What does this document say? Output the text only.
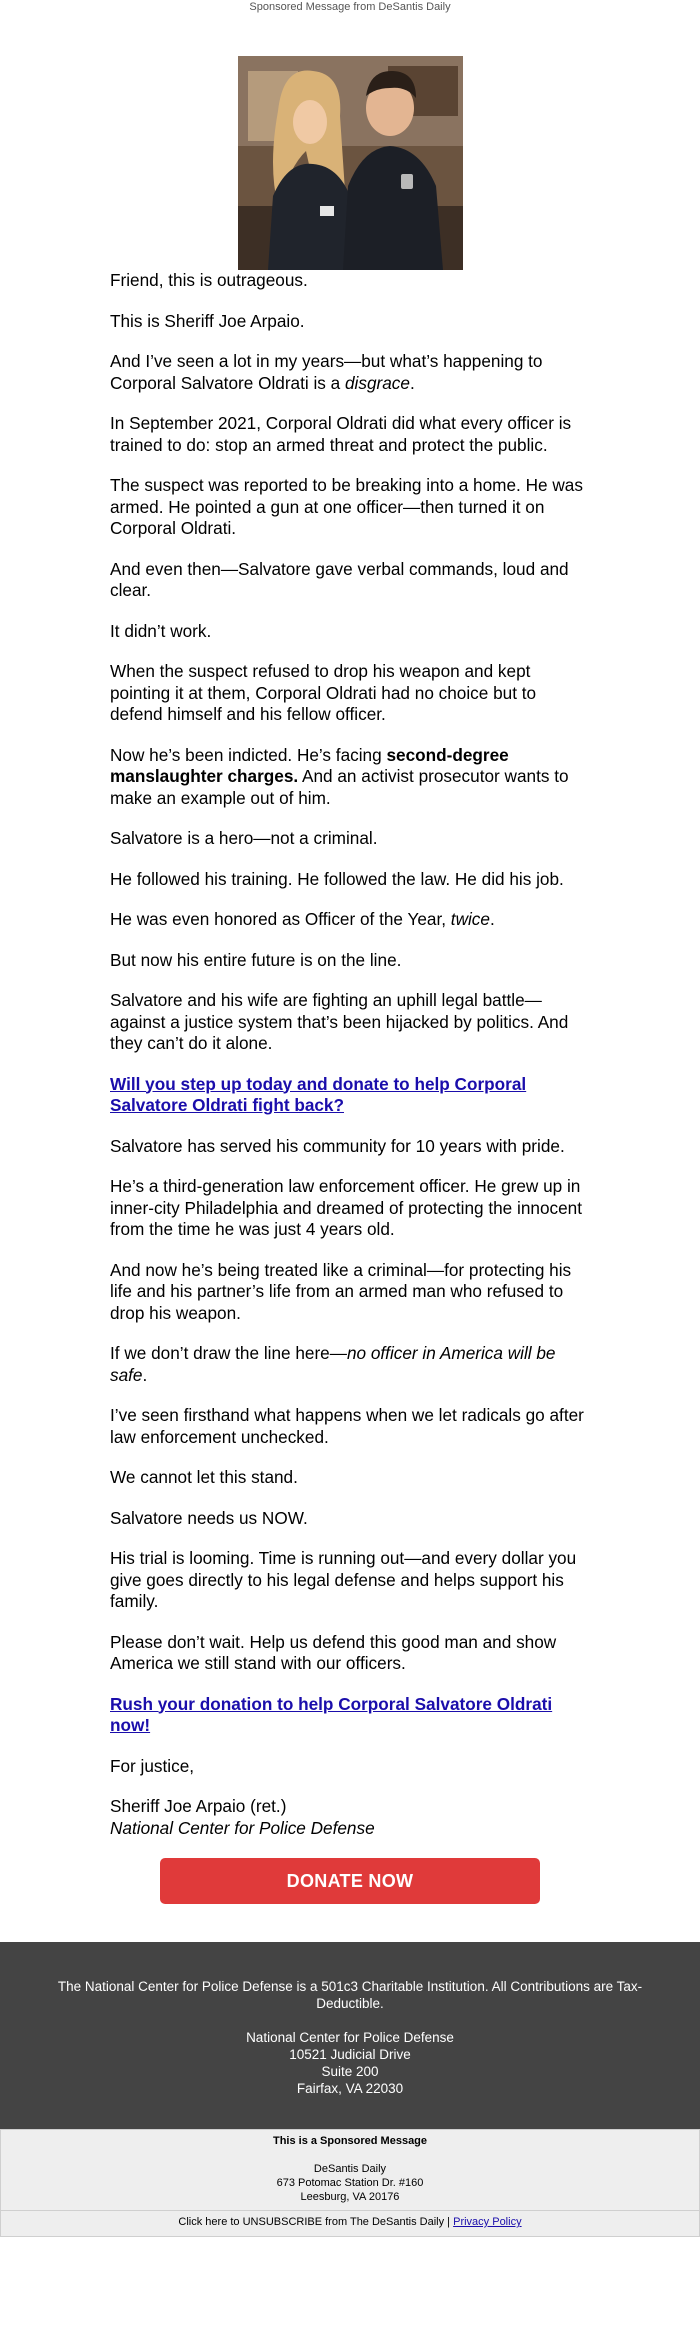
Sponsored Message from DeSantis Daily

Friend, this is outrageous.

This is Sheriff Joe Arpaio.

And I’ve seen a lot in my years—but what’s happening to Corporal Salvatore Oldrati is a disgrace.

In September 2021, Corporal Oldrati did what every officer is trained to do: stop an armed threat and protect the public.

The suspect was reported to be breaking into a home. He was armed. He pointed a gun at one officer—then turned it on Corporal Oldrati.

And even then—Salvatore gave verbal commands, loud and clear.

It didn’t work.

When the suspect refused to drop his weapon and kept pointing it at them, Corporal Oldrati had no choice but to defend himself and his fellow officer.

Now he’s been indicted. He’s facing second-degree manslaughter charges. And an activist prosecutor wants to make an example out of him.

Salvatore is a hero—not a criminal.

He followed his training. He followed the law. He did his job.

He was even honored as Officer of the Year, twice.

But now his entire future is on the line.

Salvatore and his wife are fighting an uphill legal battle—against a justice system that’s been hijacked by politics. And they can’t do it alone.

Will you step up today and donate to help Corporal Salvatore Oldrati fight back?

Salvatore has served his community for 10 years with pride.

He’s a third-generation law enforcement officer. He grew up in inner-city Philadelphia and dreamed of protecting the innocent from the time he was just 4 years old.

And now he’s being treated like a criminal—for protecting his life and his partner’s life from an armed man who refused to drop his weapon.

If we don’t draw the line here—no officer in America will be safe.

I’ve seen firsthand what happens when we let radicals go after law enforcement unchecked.

We cannot let this stand.

Salvatore needs us NOW.

His trial is looming. Time is running out—and every dollar you give goes directly to his legal defense and helps support his family.

Please don’t wait. Help us defend this good man and show America we still stand with our officers.

Rush your donation to help Corporal Salvatore Oldrati now!

For justice,

Sheriff Joe Arpaio (ret.)
National Center for Police Defense

DONATE NOW

The National Center for Police Defense is a 501c3 Charitable Institution. All Contributions are Tax-Deductible.

National Center for Police Defense
10521 Judicial Drive
Suite 200
Fairfax, VA 22030

This is a Sponsored Message
DeSantis Daily
673 Potomac Station Dr. #160
Leesburg, VA 20176
Click here to UNSUBSCRIBE from The DeSantis Daily | Privacy Policy
